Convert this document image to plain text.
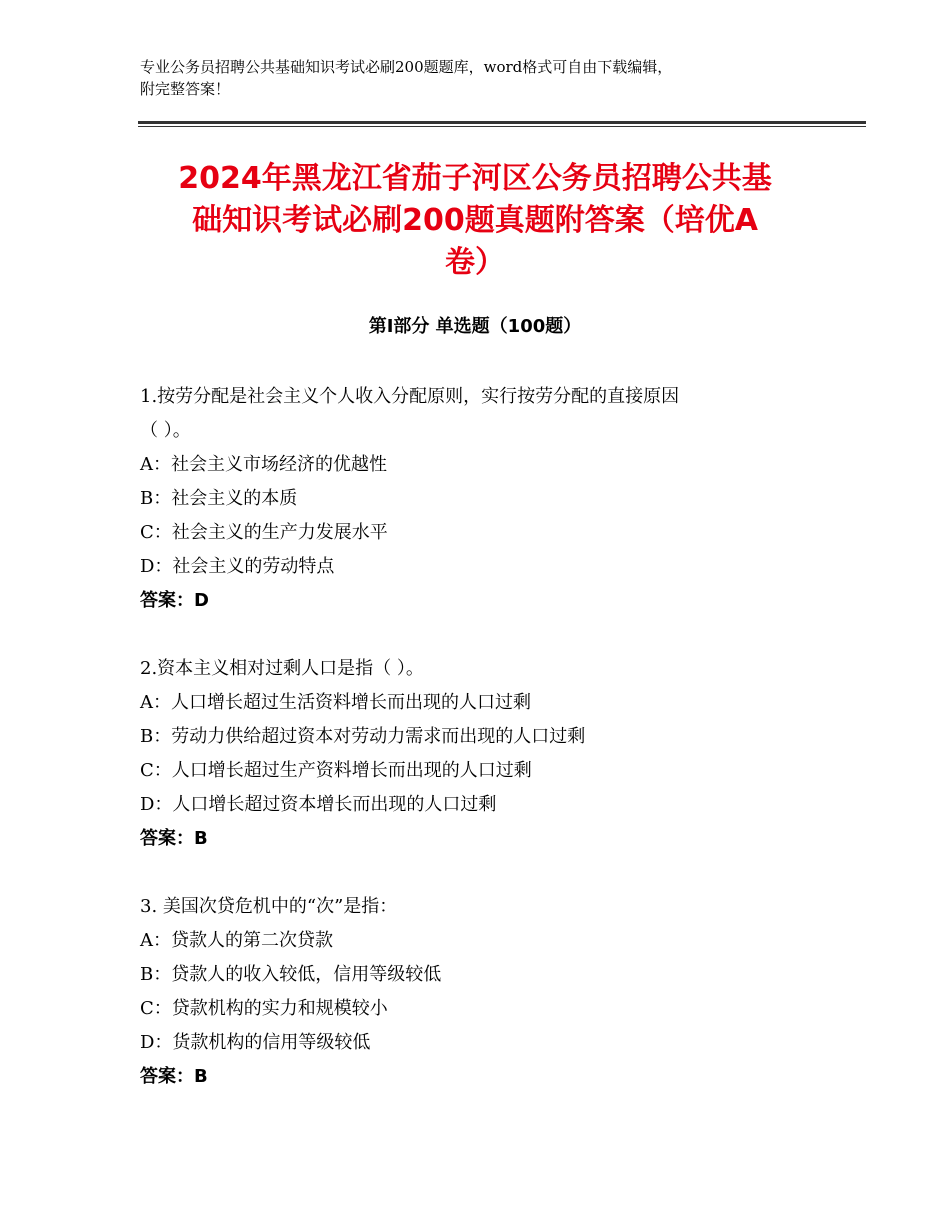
专业公务员招聘公共基础知识考试必刷200题题库，word格式可自由下载编辑，
附完整答案！
2024年黑龙江省茄子河区公务员招聘公共基
础知识考试必刷200题真题附答案（培优A
卷）
第Ⅰ部分 单选题（100题）
1.按劳分配是社会主义个人收入分配原则，实行按劳分配的直接原因
（ ）。
A：社会主义市场经济的优越性
B：社会主义的本质
C：社会主义的生产力发展水平
D：社会主义的劳动特点
答案：D
2.资本主义相对过剩人口是指（ ）。
A：人口增长超过生活资料增长而出现的人口过剩
B：劳动力供给超过资本对劳动力需求而出现的人口过剩
C：人口增长超过生产资料增长而出现的人口过剩
D：人口增长超过资本增长而出现的人口过剩
答案：B
3. 美国次贷危机中的“次”是指：
A：贷款人的第二次贷款
B：贷款人的收入较低，信用等级较低
C：贷款机构的实力和规模较小
D：货款机构的信用等级较低
答案：B
